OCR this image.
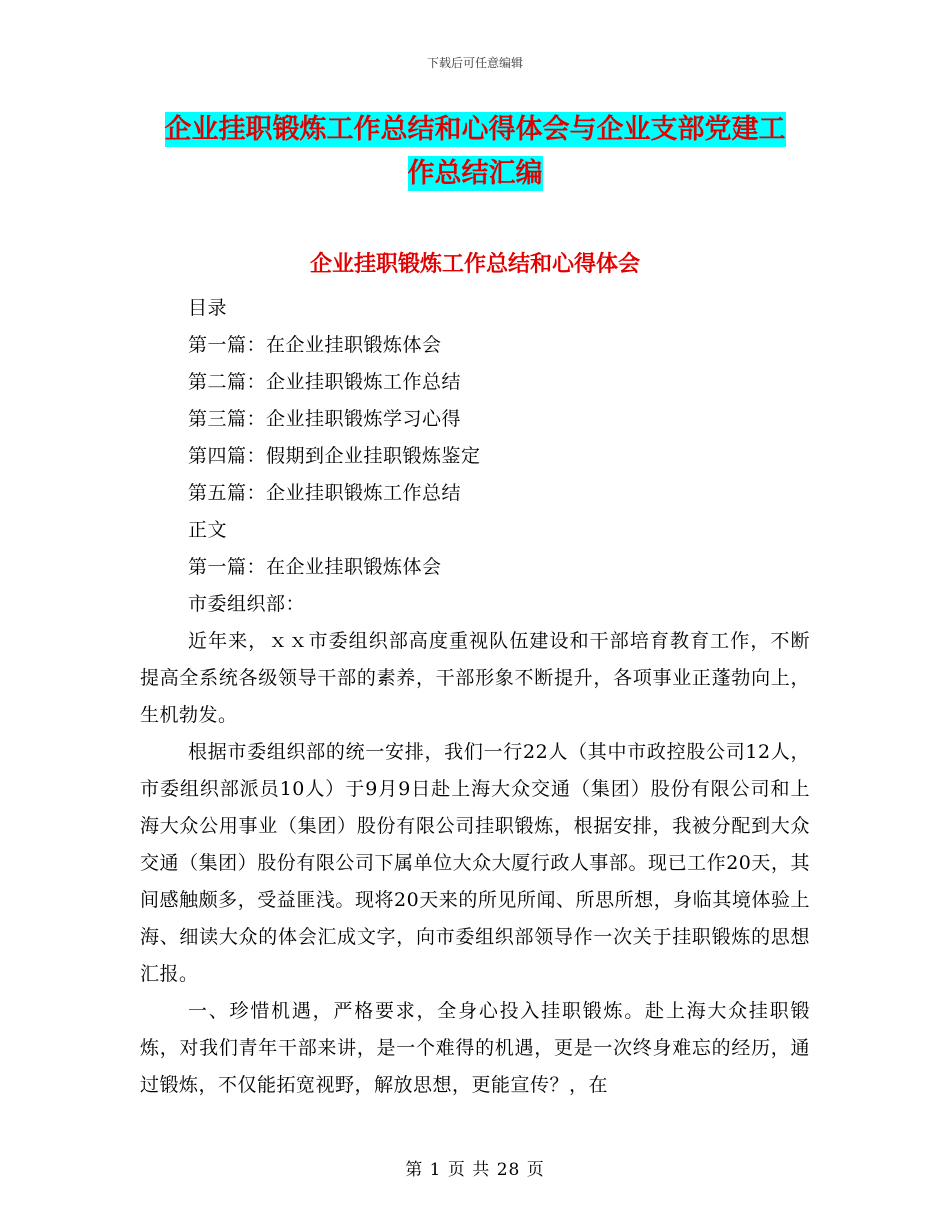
下载后可任意编辑
企业挂职锻炼工作总结和心得体会与企业支部党建工
作总结汇编
企业挂职锻炼工作总结和心得体会

目录

第一篇：在企业挂职锻炼体会

第二篇：企业挂职锻炼工作总结

第三篇：企业挂职锻炼学习心得

第四篇：假期到企业挂职锻炼鉴定

第五篇：企业挂职锻炼工作总结

正文

第一篇：在企业挂职锻炼体会

市委组织部：

近年来，ｘｘ市委组织部高度重视队伍建设和干部培育教育工作，不断提高全系统各级领导干部的素养，干部形象不断提升，各项事业正蓬勃向上，生机勃发。

根据市委组织部的统一安排，我们一行22人（其中市政控股公司12人，市委组织部派员10人）于9月9日赴上海大众交通（集团）股份有限公司和上海大众公用事业（集团）股份有限公司挂职锻炼，根据安排，我被分配到大众交通（集团）股份有限公司下属单位大众大厦行政人事部。现已工作20天，其间感触颇多，受益匪浅。现将20天来的所见所闻、所思所想，身临其境体验上海、细读大众的体会汇成文字，向市委组织部领导作一次关于挂职锻炼的思想汇报。

一、珍惜机遇，严格要求，全身心投入挂职锻炼。赴上海大众挂职锻炼，对我们青年干部来讲，是一个难得的机遇，更是一次终身难忘的经历，通过锻炼，不仅能拓宽视野，解放思想，更能宣传？，在

第 1 页 共 28 页
